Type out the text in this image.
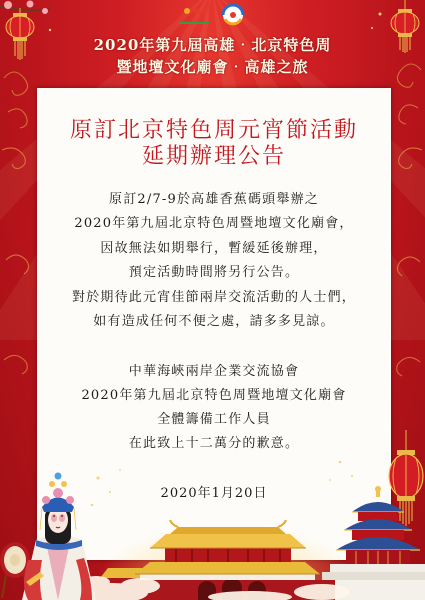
2020年第九屆高雄‧北京特色周
暨地壇文化廟會‧高雄之旅
原訂北京特色周元宵節活動
延期辦理公告
原訂2/7-9於高雄香蕉碼頭舉辦之
2020年第九屆北京特色周暨地壇文化廟會，
因故無法如期舉行，暫緩延後辦理，
預定活動時間將另行公告。
對於期待此元宵佳節兩岸交流活動的人士們，
如有造成任何不便之處，請多多見諒。
中華海峽兩岸企業交流協會
2020年第九屆北京特色周暨地壇文化廟會
全體籌備工作人員
在此致上十二萬分的歉意。
2020年1月20日
